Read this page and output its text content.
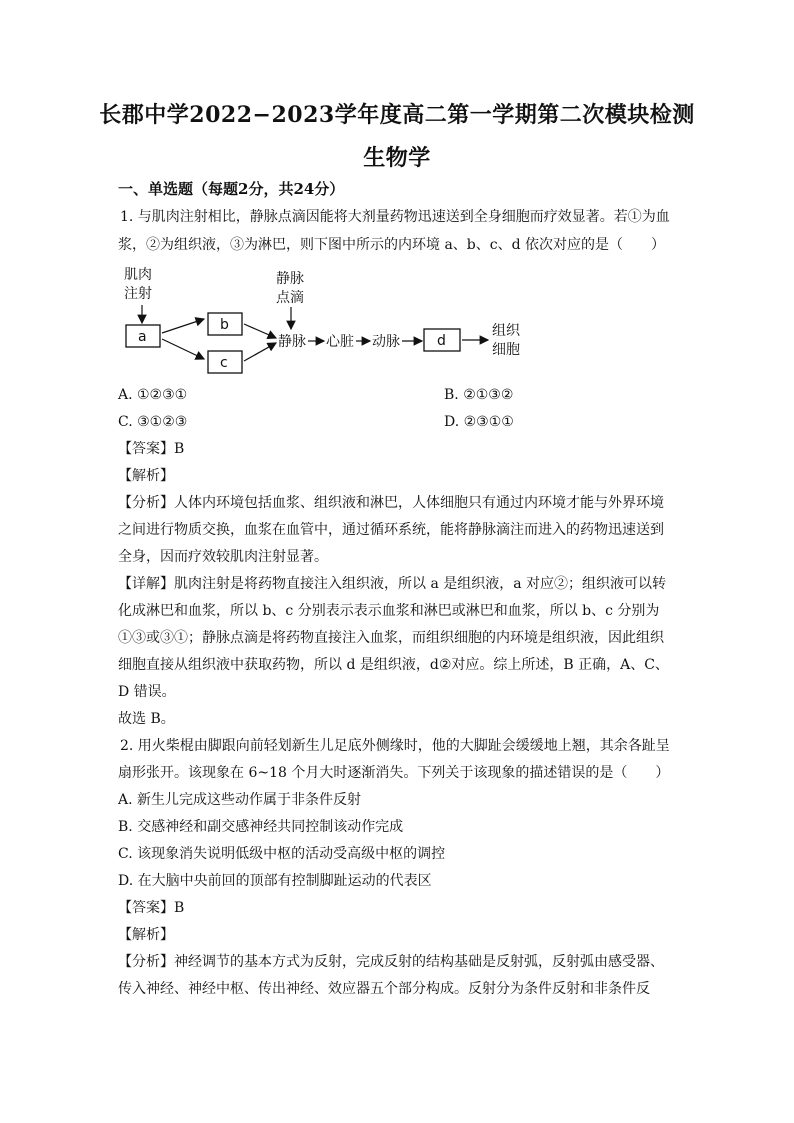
长郡中学2022−2023学年度高二第一学期第二次模块检测
生物学
一、单选题（每题2分，共24分）
1. 与肌肉注射相比，静脉点滴因能将大剂量药物迅速送到全身细胞而疗效显著。若①为血
浆，②为组织液，③为淋巴，则下图中所示的内环境 a、b、c、d 依次对应的是（　　）
肌肉
注射
a
b
c
静脉
点滴
静脉 心脏 动脉	d
组织
细胞
A. ①②③①	B. ②①③②
C. ③①②③	D. ②③①①
【答案】B
【解析】
【分析】人体内环境包括血浆、组织液和淋巴，人体细胞只有通过内环境才能与外界环境
之间进行物质交换，血浆在血管中，通过循环系统，能将静脉滴注而进入的药物迅速送到
全身，因而疗效较肌肉注射显著。
【详解】肌肉注射是将药物直接注入组织液，所以 a 是组织液，a 对应②；组织液可以转
化成淋巴和血浆，所以 b、c 分别表示表示血浆和淋巴或淋巴和血浆，所以 b、c 分别为
①③或③①；静脉点滴是将药物直接注入血浆，而组织细胞的内环境是组织液，因此组织
细胞直接从组织液中获取药物，所以 d 是组织液，d②对应。综上所述，B 正确，A、C、
D 错误。
故选 B。
2. 用火柴棍由脚跟向前轻划新生儿足底外侧缘时，他的大脚趾会缓缓地上翘，其余各趾呈
扇形张开。该现象在 6~18 个月大时逐渐消失。下列关于该现象的描述错误的是（　　）
A. 新生儿完成这些动作属于非条件反射
B. 交感神经和副交感神经共同控制该动作完成
C. 该现象消失说明低级中枢的活动受高级中枢的调控
D. 在大脑中央前回的顶部有控制脚趾运动的代表区
【答案】B
【解析】
【分析】神经调节的基本方式为反射，完成反射的结构基础是反射弧，反射弧由感受器、
传入神经、神经中枢、传出神经、效应器五个部分构成。反射分为条件反射和非条件反
